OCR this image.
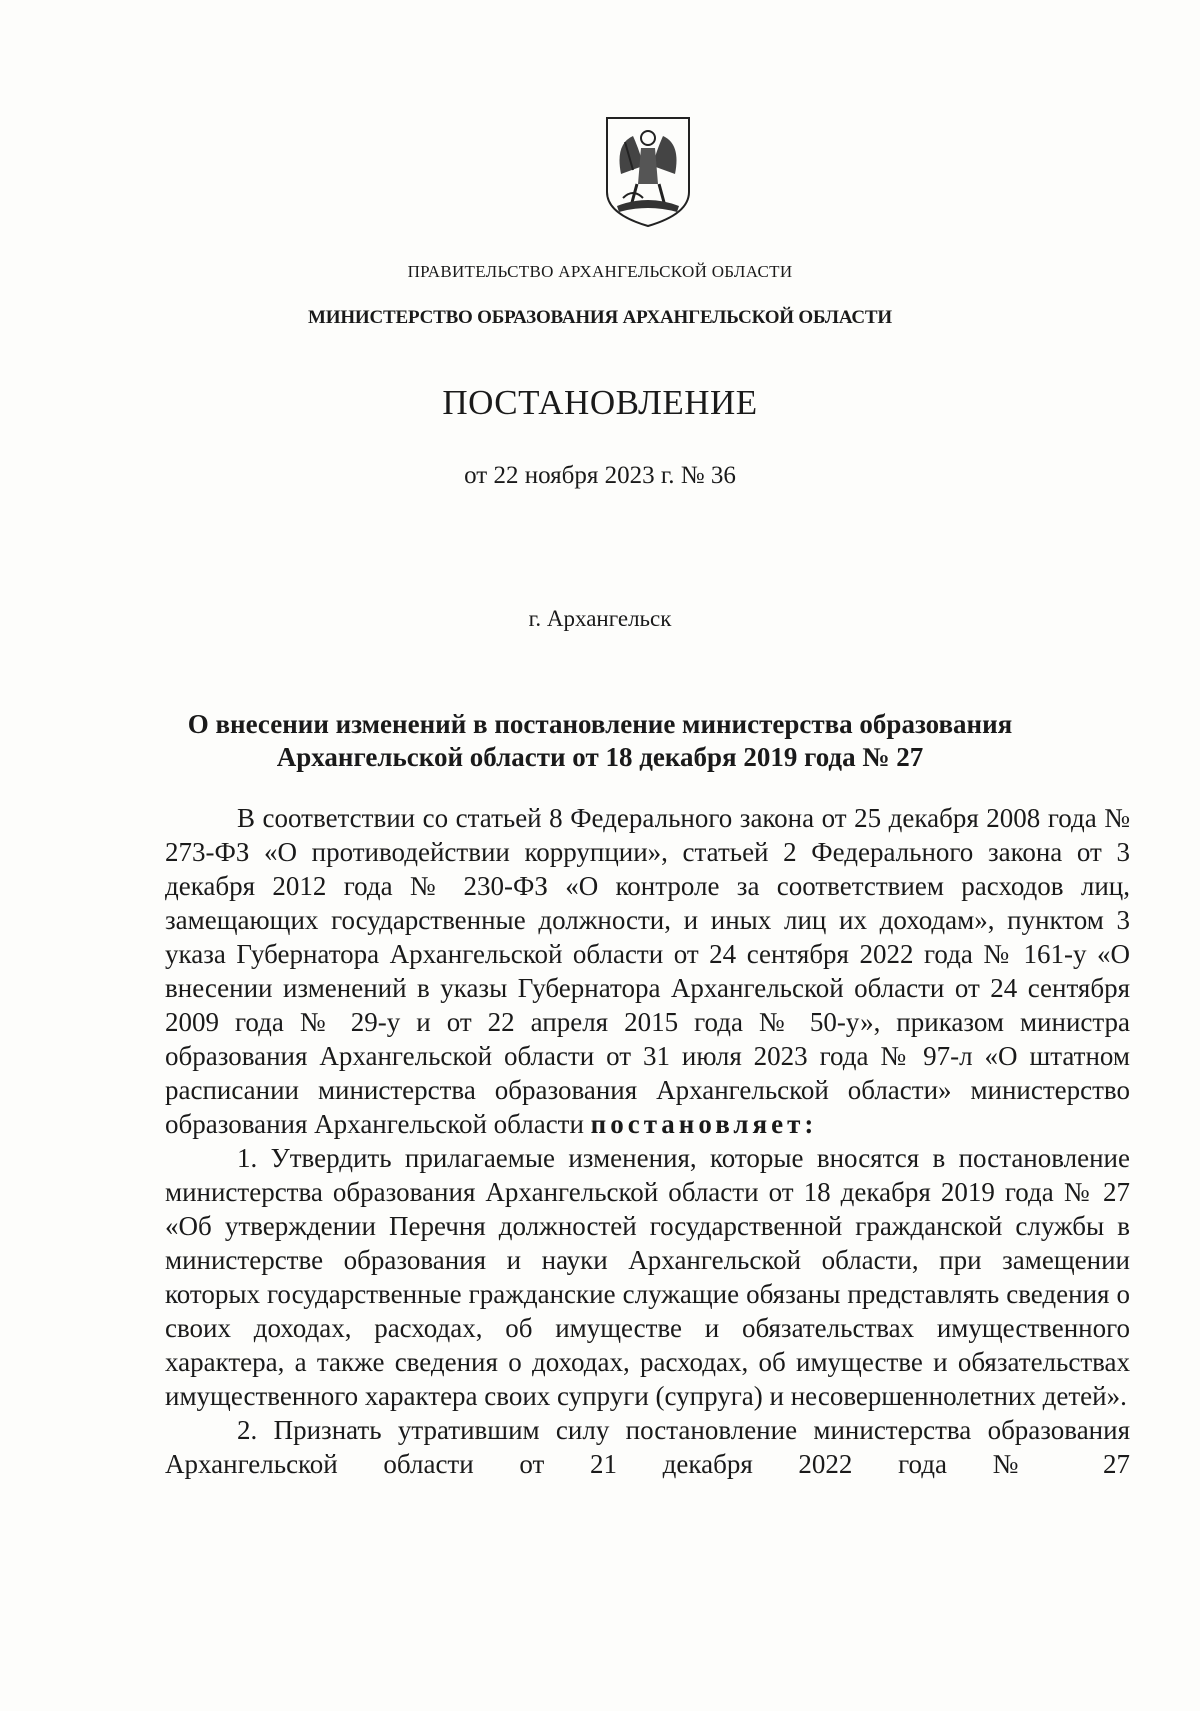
ПРАВИТЕЛЬСТВО АРХАНГЕЛЬСКОЙ ОБЛАСТИ
МИНИСТЕРСТВО ОБРАЗОВАНИЯ АРХАНГЕЛЬСКОЙ ОБЛАСТИ
ПОСТАНОВЛЕНИЕ
от 22 ноября 2023 г. № 36
г. Архангельск
О внесении изменений в постановление министерства образования
Архангельской области от 18 декабря 2019 года № 27

В соответствии со статьей 8 Федерального закона от 25 декабря 2008 года № 273-ФЗ «О противодействии коррупции», статьей 2 Федерального закона от 3 декабря 2012 года № 230-ФЗ «О контроле за соответствием расходов лиц, замещающих государственные должности, и иных лиц их доходам», пунктом 3 указа Губернатора Архангельской области от 24 сентября 2022 года № 161-у «О внесении изменений в указы Губернатора Архангельской области от 24 сентября 2009 года № 29-у и от 22 апреля 2015 года № 50-у», приказом министра образования Архангельской области от 31 июля 2023 года № 97-л «О штатном расписании министерства образования Архангельской области» министерство образования Архангельской области постановляет:

1. Утвердить прилагаемые изменения, которые вносятся в постановление министерства образования Архангельской области от 18 декабря 2019 года № 27 «Об утверждении Перечня должностей государственной гражданской службы в министерстве образования и науки Архангельской области, при замещении которых государственные гражданские служащие обязаны представлять сведения о своих доходах, расходах, об имуществе и обязательствах имущественного характера, а также сведения о доходах, расходах, об имуществе и обязательствах имущественного характера своих супруги (супруга) и несовершеннолетних детей».

2. Признать утратившим силу постановление министерства образования Архангельской области от 21 декабря 2022 года № 27
